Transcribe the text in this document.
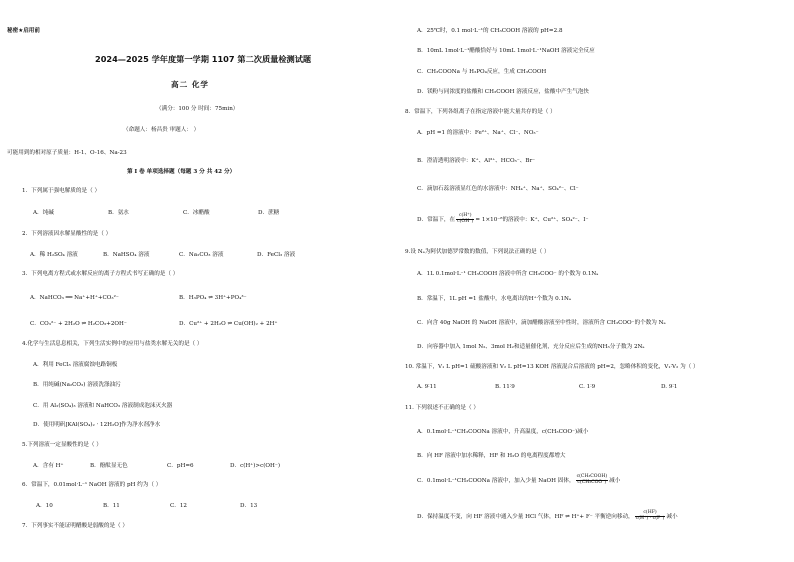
秘密★启用前
2024—2025 学年度第一学期 1107 第二次质量检测试题
高二 化学
（满分：100 分 时间：75min）
（命题人：杨昌贵 审题人： ）
可能用到的相对原子质量：H-1、O-16、Na-23
第 I 卷 单项选择题（每题 3 分 共 42 分）
1．下列属于强电解质的是（ ）
A．纯碱	B．氨水	C．冰醋酸	D．蔗糖
2．下列溶液因水解显酸性的是（ ）
A．稀 H₂SO₄ 溶液	B．NaHSO₄ 溶液	C．Na₂CO₃ 溶液	D．FeCl₃ 溶液
3．下列电离方程式或水解反应的离子方程式书写正确的是（ ）
A．NaHCO₃ ══ Na⁺+H⁺+CO₃²⁻	B．H₃PO₄ ⇌ 3H⁺+PO₄³⁻
C．CO₃²⁻ + 2H₂O ⇌ H₂CO₃+2OH⁻	D．Cu²⁺ + 2H₂O ⇌ Cu(OH)₂ + 2H⁺
4.化学与生活息息相关，下列生活实例中的应用与盐类水解无关的是（ ）
A．利用 FeCl₃ 溶液腐蚀电路铜板
B．用纯碱(Na₂CO₃) 溶液洗涤油污
C．用 Al₂(SO₄)₃ 溶液和 NaHCO₃ 溶液制成泡沫灭火器
D．使用明矾[KAl(SO₄)₂ · 12H₂O]作为净水剂净水
5.下列溶液一定显酸性的是（ ）
A．含有 H⁺	B．酚酞显无色	C．pH=6	D．c(H⁺)>c(OH⁻)
6．常温下，0.01mol·L⁻¹ NaOH 溶液的 pH 约为（ ）
A．10	B．11	C．12	D．13
7．下列事实不能证明醋酸是弱酸的是（ ）
A．25℃时，0.1 mol·L⁻¹的 CH₃COOH 溶液的 pH=2.8
B．10mL 1mol·L⁻¹醋酸恰好与 10mL 1mol·L⁻¹NaOH 溶液完全反应
C．CH₃COONa 与 H₃PO₄反应，生成 CH₃COOH
D．镁粉与同浓度的盐酸和 CH₃COOH 溶液反应，盐酸中产生气泡快
8．常温下，下列各组离子在指定溶液中能大量共存的是（ ）
A．pH =1 的溶液中：Fe²⁺、Na⁺、Cl⁻、NO₃⁻
B．澄清透明溶液中：K⁺、Al³⁺、HCO₃⁻、Br⁻
C．滴加石蕊溶液显红色的水溶液中：NH₄⁺、Na⁺、SO₄²⁻、Cl⁻
D．常温下，在 $\frac{c(H^+)}{c(OH^-)} = 1\times 10^{-8}$的溶液中：K⁺、Cu²⁺、SO₄²⁻、I⁻
9.设 Nₐ为阿伏加德罗常数的数值，下列说法正确的是（ ）
A．1L 0.1mol·L⁻¹ CH₃COOH 溶液中所含 CH₃COO⁻ 的个数为 0.1Nₐ
B．常温下，1L pH =1 盐酸中，水电离出的H⁺个数为 0.1Nₐ
C．向含 40g NaOH 的 NaOH 溶液中，滴加醋酸溶液至中性时，溶液所含 CH₃COO⁻的个数为 Nₐ
D．向容器中加入 1mol N₂、3mol H₂和适量催化剂，充分反应后生成的NH₃分子数为 2Nₐ
10. 常温下，V₁ L pH=1 硫酸溶液和 V₂ L pH=13 KOH 溶液混合后溶液的 pH=2，忽略体积的变化，V₁∶V₂ 为（ ）
A. 9∶11	B. 11∶9	C. 1∶9	D. 9∶1
11. 下列叙述不正确的是（ ）
A．0.1mol·L⁻¹CH₃COONa 溶液中，升高温度，c(CH₃COO⁻)减小
B．向 HF 溶液中加水稀释，HF 和 H₂O 的电离程度都增大
C．0.1mol·L⁻¹CH₃COONa 溶液中，加入少量 NaOH 固体， $\frac{\text{c(CH₃COOH)}}{\text{c(CH₃COO⁻)}}$ 减小
D．保持温度不变，向 HF 溶液中通入少量 HCl 气体，HF ⇌ H⁺+ F⁻ 平衡逆向移动， $\frac{c(HF)}{c(H^+) \cdot c(F^-)}$ 减小
